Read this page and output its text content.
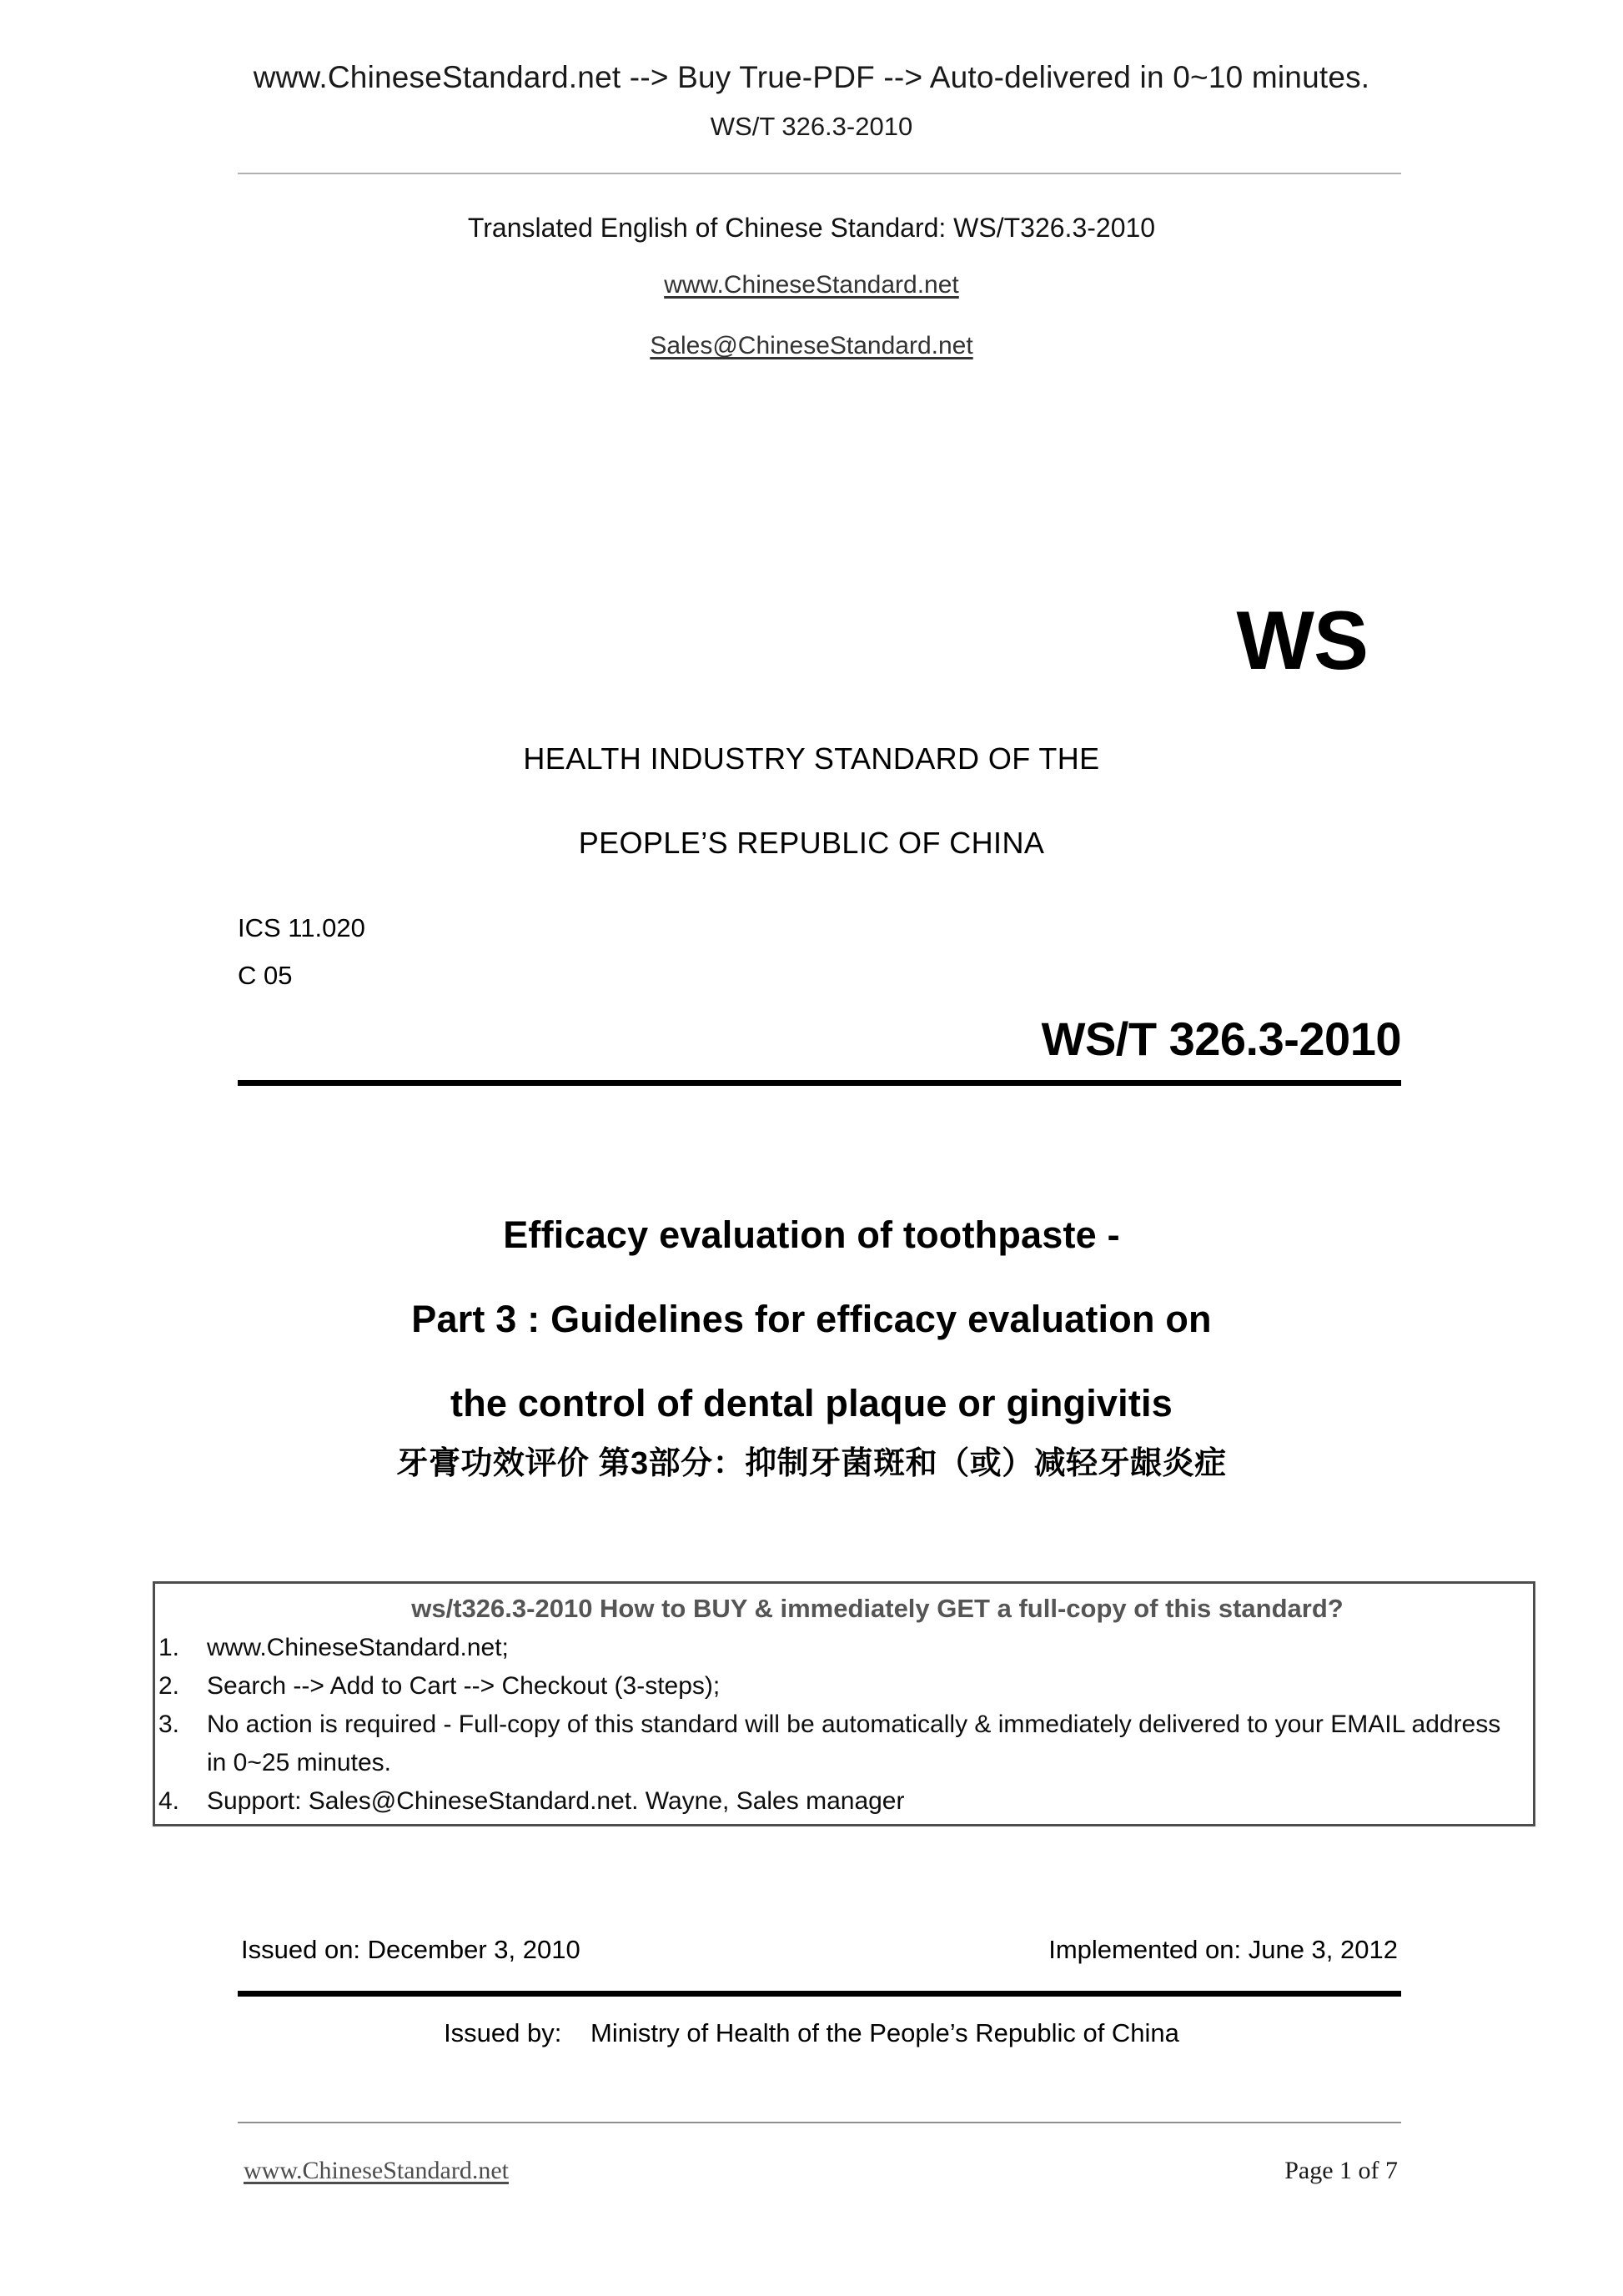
www.ChineseStandard.net --> Buy True-PDF --> Auto-delivered in 0~10 minutes.
WS/T 326.3-2010
Translated English of Chinese Standard: WS/T326.3-2010
www.ChineseStandard.net
Sales@ChineseStandard.net
WS
HEALTH INDUSTRY STANDARD OF THE
PEOPLE’S REPUBLIC OF CHINA
ICS 11.020
C 05
WS/T 326.3-2010
Efficacy evaluation of toothpaste -
Part 3 : Guidelines for efficacy evaluation on
the control of dental plaque or gingivitis
牙膏功效评价 第3部分：抑制牙菌斑和（或）减轻牙龈炎症
ws/t326.3-2010 How to BUY & immediately GET a full-copy of this standard?
1. www.ChineseStandard.net;
2. Search --> Add to Cart --> Checkout (3-steps);
3. No action is required - Full-copy of this standard will be automatically & immediately delivered to your EMAIL address in 0~25 minutes.
4. Support: Sales@ChineseStandard.net. Wayne, Sales manager
Issued on: December 3, 2010	Implemented on: June 3, 2012
Issued by: Ministry of Health of the People’s Republic of China
www.ChineseStandard.net	Page 1 of 7
